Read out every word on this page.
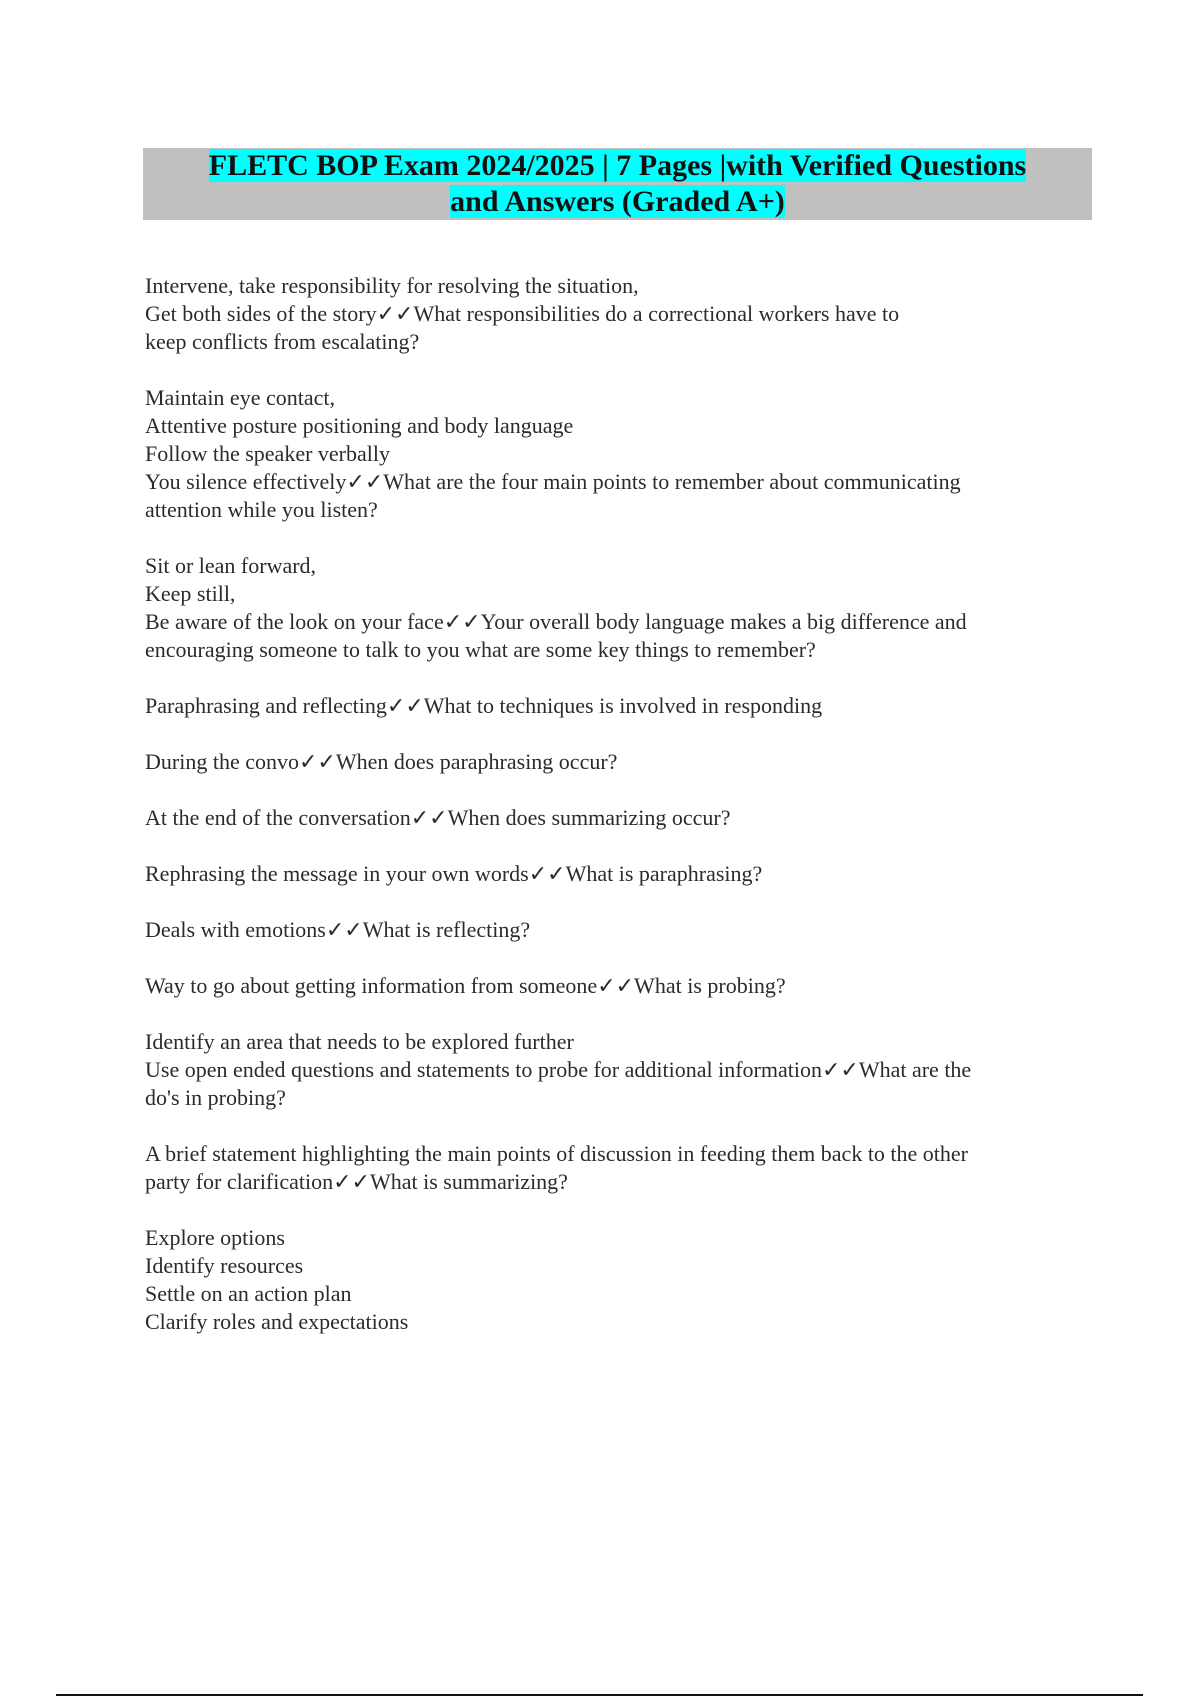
FLETC BOP Exam 2024/2025 | 7 Pages |with Verified Questions
and Answers (Graded A+)
Intervene, take responsibility for resolving the situation,
Get both sides of the story✓✓What responsibilities do a correctional workers have to
keep conflicts from escalating?
Maintain eye contact,
Attentive posture positioning and body language
Follow the speaker verbally
You silence effectively✓✓What are the four main points to remember about communicating
attention while you listen?
Sit or lean forward,
Keep still,
Be aware of the look on your face✓✓Your overall body language makes a big difference and
encouraging someone to talk to you what are some key things to remember?
Paraphrasing and reflecting✓✓What to techniques is involved in responding
During the convo✓✓When does paraphrasing occur?
At the end of the conversation✓✓When does summarizing occur?
Rephrasing the message in your own words✓✓What is paraphrasing?
Deals with emotions✓✓What is reflecting?
Way to go about getting information from someone✓✓What is probing?
Identify an area that needs to be explored further
Use open ended questions and statements to probe for additional information✓✓What are the
do's in probing?
A brief statement highlighting the main points of discussion in feeding them back to the other
party for clarification✓✓What is summarizing?
Explore options
Identify resources
Settle on an action plan
Clarify roles and expectations
